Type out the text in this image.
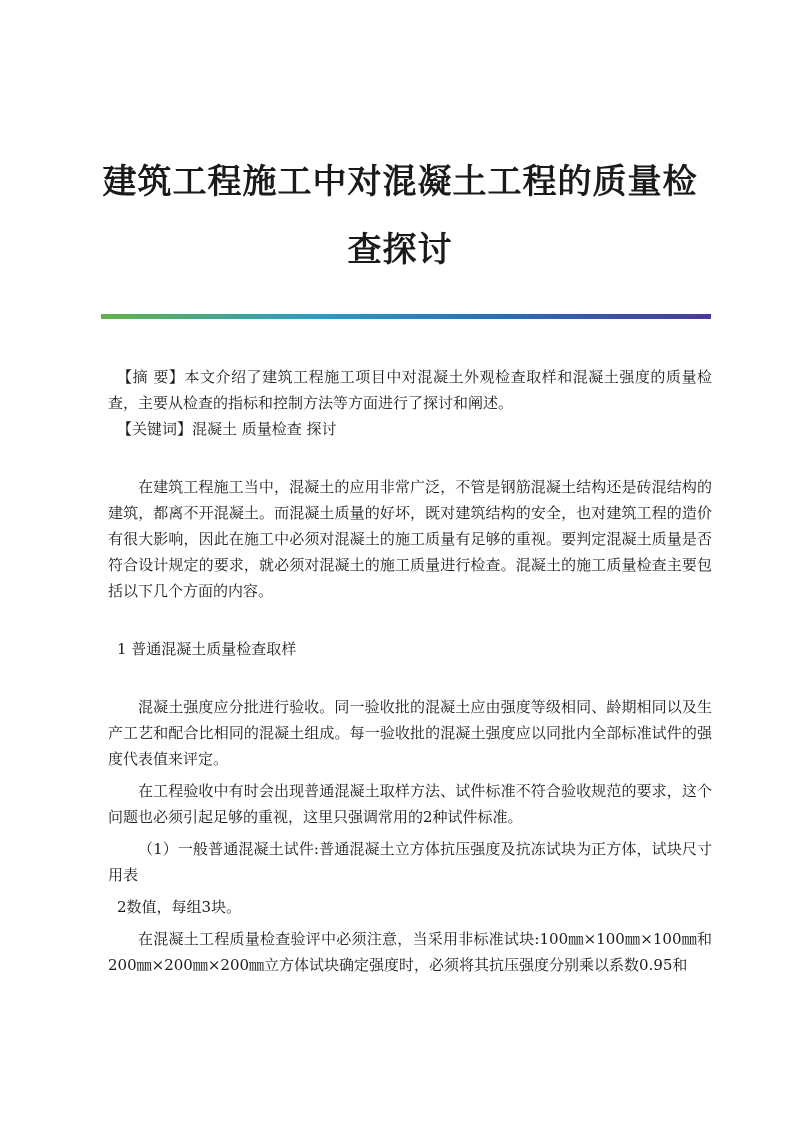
建筑工程施工中对混凝土工程的质量检查探讨

【摘 要】本文介绍了建筑工程施工项目中对混凝土外观检查取样和混凝土强度的质量检查，主要从检查的指标和控制方法等方面进行了探讨和阐述。

【关键词】混凝土 质量检查 探讨

在建筑工程施工当中，混凝土的应用非常广泛，不管是钢筋混凝土结构还是砖混结构的建筑，都离不开混凝土。而混凝土质量的好坏，既对建筑结构的安全，也对建筑工程的造价有很大影响，因此在施工中必须对混凝土的施工质量有足够的重视。要判定混凝土质量是否符合设计规定的要求，就必须对混凝土的施工质量进行检查。混凝土的施工质量检查主要包括以下几个方面的内容。

1 普通混凝土质量检查取样

混凝土强度应分批进行验收。同一验收批的混凝土应由强度等级相同、龄期相同以及生产工艺和配合比相同的混凝土组成。每一验收批的混凝土强度应以同批内全部标准试件的强度代表值来评定。

在工程验收中有时会出现普通混凝土取样方法、试件标准不符合验收规范的要求，这个问题也必须引起足够的重视，这里只强调常用的2种试件标准。

（1）一般普通混凝土试件:普通混凝土立方体抗压强度及抗冻试块为正方体，试块尺寸用表

2数值，每组3块。

在混凝土工程质量检查验评中必须注意，当采用非标准试块:100㎜×100㎜×100㎜和200㎜×200㎜×200㎜立方体试块确定强度时，必须将其抗压强度分别乘以系数0.95和
